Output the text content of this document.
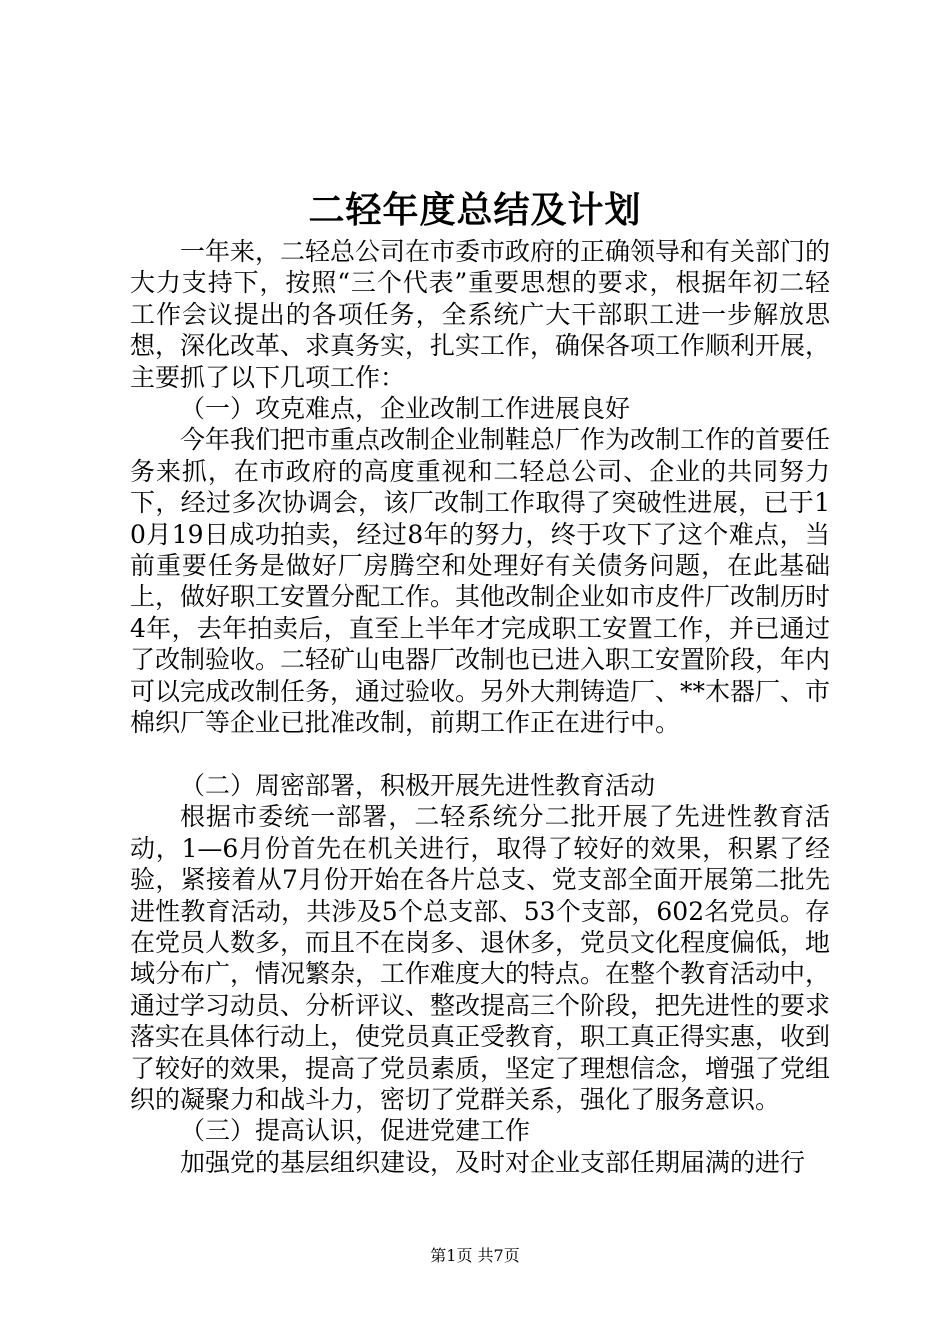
二轻年度总结及计划

一年来，二轻总公司在市委市政府的正确领导和有关部门的大力支持下，按照“三个代表”重要思想的要求，根据年初二轻工作会议提出的各项任务，全系统广大干部职工进一步解放思想，深化改革、求真务实，扎实工作，确保各项工作顺利开展，主要抓了以下几项工作：

（一）攻克难点，企业改制工作进展良好

今年我们把市重点改制企业制鞋总厂作为改制工作的首要任务来抓，在市政府的高度重视和二轻总公司、企业的共同努力下，经过多次协调会，该厂改制工作取得了突破性进展，已于10月19日成功拍卖，经过8年的努力，终于攻下了这个难点，当前重要任务是做好厂房腾空和处理好有关债务问题，在此基础上，做好职工安置分配工作。其他改制企业如市皮件厂改制历时4年，去年拍卖后，直至上半年才完成职工安置工作，并已通过了改制验收。二轻矿山电器厂改制也已进入职工安置阶段，年内可以完成改制任务，通过验收。另外大荆铸造厂、**木器厂、市棉织厂等企业已批准改制，前期工作正在进行中。

（二）周密部署，积极开展先进性教育活动

根据市委统一部署，二轻系统分二批开展了先进性教育活动，1—6月份首先在机关进行，取得了较好的效果，积累了经验，紧接着从7月份开始在各片总支、党支部全面开展第二批先进性教育活动，共涉及5个总支部、53个支部，602名党员。存在党员人数多，而且不在岗多、退休多，党员文化程度偏低，地域分布广，情况繁杂，工作难度大的特点。在整个教育活动中，通过学习动员、分析评议、整改提高三个阶段，把先进性的要求落实在具体行动上，使党员真正受教育，职工真正得实惠，收到了较好的效果，提高了党员素质，坚定了理想信念，增强了党组织的凝聚力和战斗力，密切了党群关系，强化了服务意识。

（三）提高认识，促进党建工作

加强党的基层组织建设，及时对企业支部任期届满的进行

第1页 共7页
